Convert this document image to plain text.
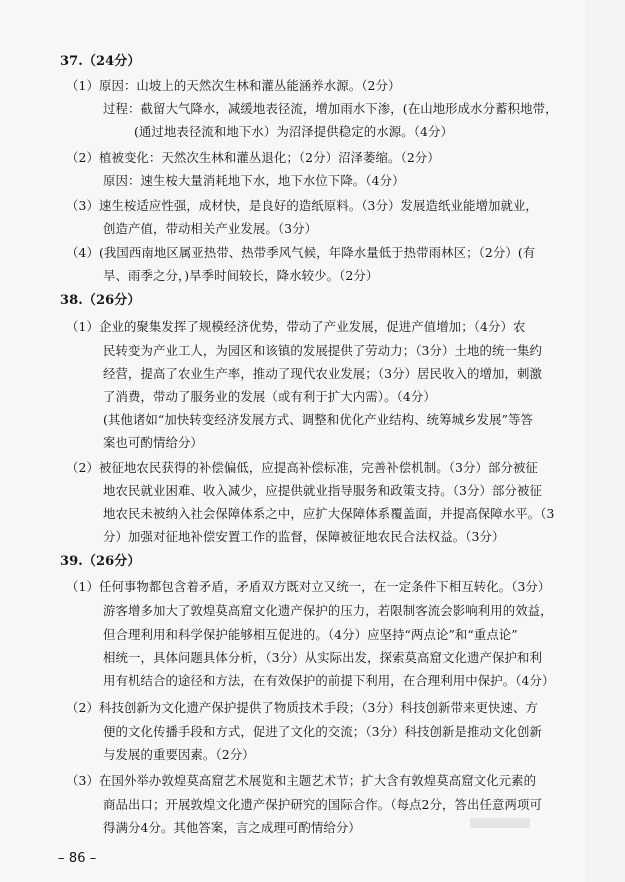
37.（24分）
（1）原因：山坡上的天然次生林和灌丛能涵养水源。（2分）
过程：截留大气降水，减缓地表径流，增加雨水下渗，(在山地形成水分蓄积地带，
(通过地表径流和地下水）为沼泽提供稳定的水源。（4分）
（2）植被变化：天然次生林和灌丛退化；（2分）沼泽萎缩。（2分）
原因：速生桉大量消耗地下水，地下水位下降。（4分）
（3）速生桉适应性强，成材快，是良好的造纸原料。（3分）发展造纸业能增加就业，
创造产值，带动相关产业发展。（3分）
（4）(我国西南地区属亚热带、热带季风气候，年降水量低于热带雨林区；（2分）(有
旱、雨季之分，)旱季时间较长，降水较少。（2分）
38.（26分）
（1）企业的聚集发挥了规模经济优势，带动了产业发展，促进产值增加；（4分）农
民转变为产业工人，为园区和该镇的发展提供了劳动力；（3分）土地的统一集约
经营，提高了农业生产率，推动了现代农业发展；（3分）居民收入的增加，刺激
了消费，带动了服务业的发展（或有利于扩大内需）。（4分）
(其他诸如“加快转变经济发展方式、调整和优化产业结构、统筹城乡发展”等答
案也可酌情给分）
（2）被征地农民获得的补偿偏低，应提高补偿标准，完善补偿机制。（3分）部分被征
地农民就业困难、收入减少，应提供就业指导服务和政策支持。（3分）部分被征
地农民未被纳入社会保障体系之中，应扩大保障体系覆盖面，并提高保障水平。（3
分）加强对征地补偿安置工作的监督，保障被征地农民合法权益。（3分）
39.（26分）
（1）任何事物都包含着矛盾，矛盾双方既对立又统一，在一定条件下相互转化。（3分）
游客增多加大了敦煌莫高窟文化遗产保护的压力，若限制客流会影响利用的效益，
但合理利用和科学保护能够相互促进的。（4分）应坚持“两点论”和“重点论”
相统一，具体问题具体分析，（3分）从实际出发，探索莫高窟文化遗产保护和利
用有机结合的途径和方法，在有效保护的前提下利用，在合理利用中保护。（4分）
（2）科技创新为文化遗产保护提供了物质技术手段；（3分）科技创新带来更快速、方
便的文化传播手段和方式，促进了文化的交流；（3分）科技创新是推动文化创新
与发展的重要因素。（2分）
（3）在国外举办敦煌莫高窟艺术展览和主题艺术节；扩大含有敦煌莫高窟文化元素的
商品出口；开展敦煌文化遗产保护研究的国际合作。（每点2分，答出任意两项可
得满分4分。其他答案，言之成理可酌情给分）
– 86 –
